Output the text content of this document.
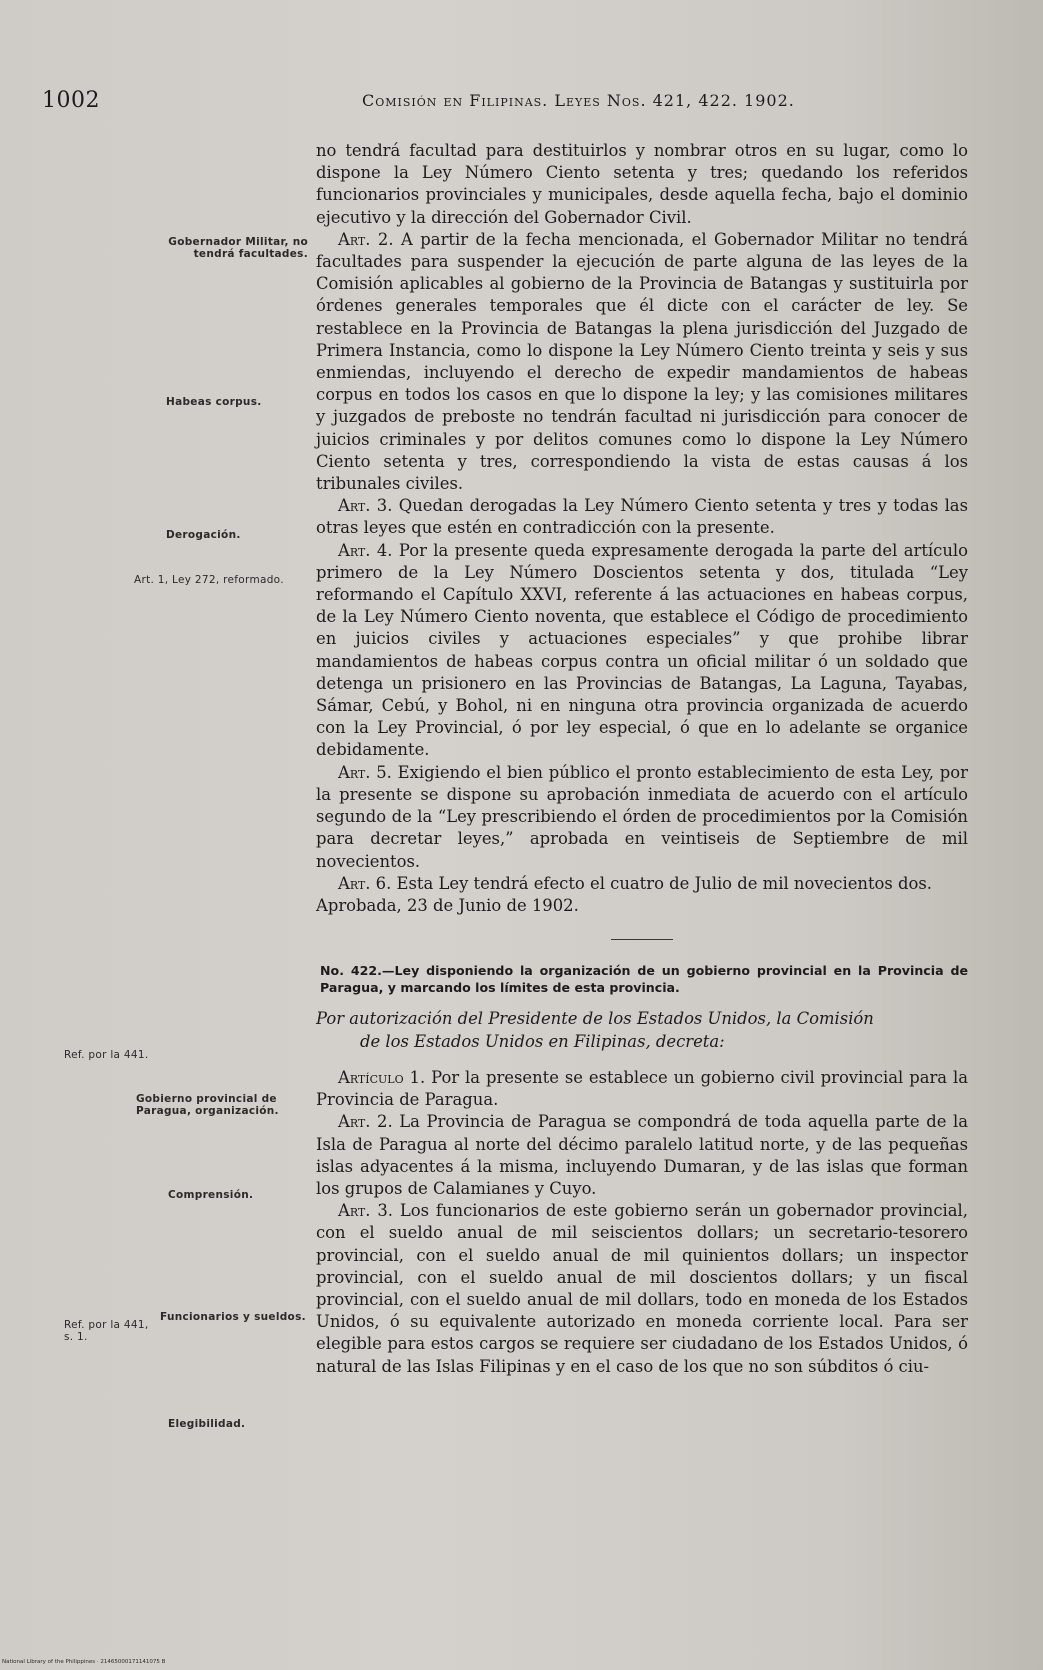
1002	Comisión en Filipinas. Leyes Nos. 421, 422. 1902.
Gobernador Militar, no tendrá facultades.
Habeas corpus.
Derogación.
Art. 1, Ley 272, reformado.
Ref. por la 441.
Gobierno provincial de Paragua, organización.
Comprensión.
Funcionarios y sueldos.
Ref. por la 441, s. 1.
Elegibilidad.

no tendrá facultad para destituirlos y nombrar otros en su lugar, como lo dispone la Ley Número Ciento setenta y tres; quedando los referidos funcionarios provinciales y municipales, desde aquella fecha, bajo el dominio ejecutivo y la dirección del Gobernador Civil.

Art. 2. A partir de la fecha mencionada, el Gobernador Militar no tendrá facultades para suspender la ejecución de parte alguna de las leyes de la Comisión aplicables al gobierno de la Provincia de Batangas y sustituirla por órdenes generales temporales que él dicte con el carácter de ley. Se restablece en la Provincia de Batangas la plena jurisdicción del Juzgado de Primera Instancia, como lo dispone la Ley Número Ciento treinta y seis y sus enmiendas, incluyendo el derecho de expedir mandamientos de habeas corpus en todos los casos en que lo dispone la ley; y las comisiones militares y juzgados de preboste no tendrán facultad ni jurisdicción para conocer de juicios criminales y por delitos comunes como lo dispone la Ley Número Ciento setenta y tres, correspondiendo la vista de estas causas á los tribunales civiles.

Art. 3. Quedan derogadas la Ley Número Ciento setenta y tres y todas las otras leyes que estén en contradicción con la presente.

Art. 4. Por la presente queda expresamente derogada la parte del artículo primero de la Ley Número Doscientos setenta y dos, titulada “Ley reformando el Capítulo XXVI, referente á las actuaciones en habeas corpus, de la Ley Número Ciento noventa, que establece el Código de procedimiento en juicios civiles y actuaciones especiales” y que prohibe librar mandamientos de habeas corpus contra un oficial militar ó un soldado que detenga un prisionero en las Provincias de Batangas, La Laguna, Tayabas, Sámar, Cebú, y Bohol, ni en ninguna otra provincia organizada de acuerdo con la Ley Provincial, ó por ley especial, ó que en lo adelante se organice debidamente.

Art. 5. Exigiendo el bien público el pronto establecimiento de esta Ley, por la presente se dispone su aprobación inmediata de acuerdo con el artículo segundo de la “Ley prescribiendo el órden de procedimientos por la Comisión para decretar leyes,” aprobada en veintiseis de Septiembre de mil novecientos.

Art. 6. Esta Ley tendrá efecto el cuatro de Julio de mil novecientos dos.

Aprobada, 23 de Junio de 1902.

No. 422.—Ley disponiendo la organización de un gobierno provincial en la Provincia de Paragua, y marcando los límites de esta provincia.
Por autorización del Presidente de los Estados Unidos, la Comisión
de los Estados Unidos en Filipinas, decreta:

Artículo 1. Por la presente se establece un gobierno civil provincial para la Provincia de Paragua.

Art. 2. La Provincia de Paragua se compondrá de toda aquella parte de la Isla de Paragua al norte del décimo paralelo latitud norte, y de las pequeñas islas adyacentes á la misma, incluyendo Dumaran, y de las islas que forman los grupos de Calamianes y Cuyo.

Art. 3. Los funcionarios de este gobierno serán un gobernador provincial, con el sueldo anual de mil seiscientos dollars; un secretario-tesorero provincial, con el sueldo anual de mil quinientos dollars; un inspector provincial, con el sueldo anual de mil doscientos dollars; y un fiscal provincial, con el sueldo anual de mil dollars, todo en moneda de los Estados Unidos, ó su equivalente autorizado en moneda corriente local. Para ser elegible para estos cargos se requiere ser ciudadano de los Estados Unidos, ó natural de las Islas Filipinas y en el caso de los que no son súbditos ó ciu-

National Library of the Philippines · 21465000171141075 B
